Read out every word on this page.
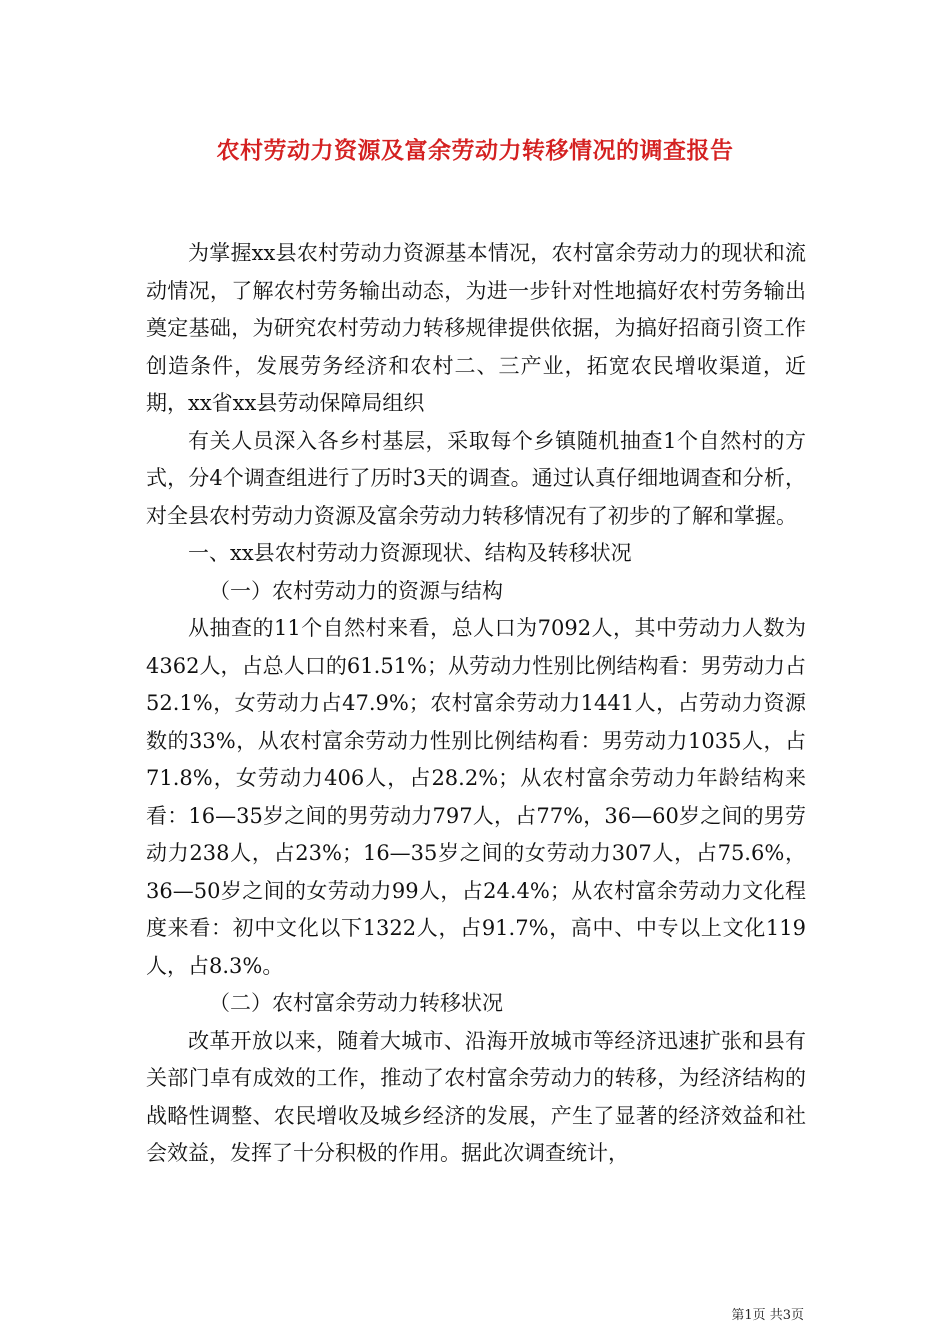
农村劳动力资源及富余劳动力转移情况的调查报告

为掌握xx县农村劳动力资源基本情况，农村富余劳动力的现状和流动情况，了解农村劳务输出动态，为进一步针对性地搞好农村劳务输出奠定基础，为研究农村劳动力转移规律提供依据，为搞好招商引资工作创造条件，发展劳务经济和农村二、三产业，拓宽农民增收渠道，近期，xx省xx县劳动保障局组织

有关人员深入各乡村基层，采取每个乡镇随机抽查1个自然村的方式，分4个调查组进行了历时3天的调查。通过认真仔细地调查和分析，对全县农村劳动力资源及富余劳动力转移情况有了初步的了解和掌握。

一、xx县农村劳动力资源现状、结构及转移状况

（一）农村劳动力的资源与结构

从抽查的11个自然村来看，总人口为7092人，其中劳动力人数为4362人，占总人口的61.51%；从劳动力性别比例结构看：男劳动力占52.1%，女劳动力占47.9%；农村富余劳动力1441人，占劳动力资源数的33%，从农村富余劳动力性别比例结构看：男劳动力1035人，占71.8%，女劳动力406人，占28.2%；从农村富余劳动力年龄结构来看：16—35岁之间的男劳动力797人，占77%，36—60岁之间的男劳动力238人，占23%；16—35岁之间的女劳动力307人，占75.6%，36—50岁之间的女劳动力99人，占24.4%；从农村富余劳动力文化程度来看：初中文化以下1322人，占91.7%，高中、中专以上文化119人，占8.3%。

（二）农村富余劳动力转移状况

改革开放以来，随着大城市、沿海开放城市等经济迅速扩张和县有关部门卓有成效的工作，推动了农村富余劳动力的转移，为经济结构的战略性调整、农民增收及城乡经济的发展，产生了显著的经济效益和社会效益，发挥了十分积极的作用。据此次调查统计，

第1页 共3页
